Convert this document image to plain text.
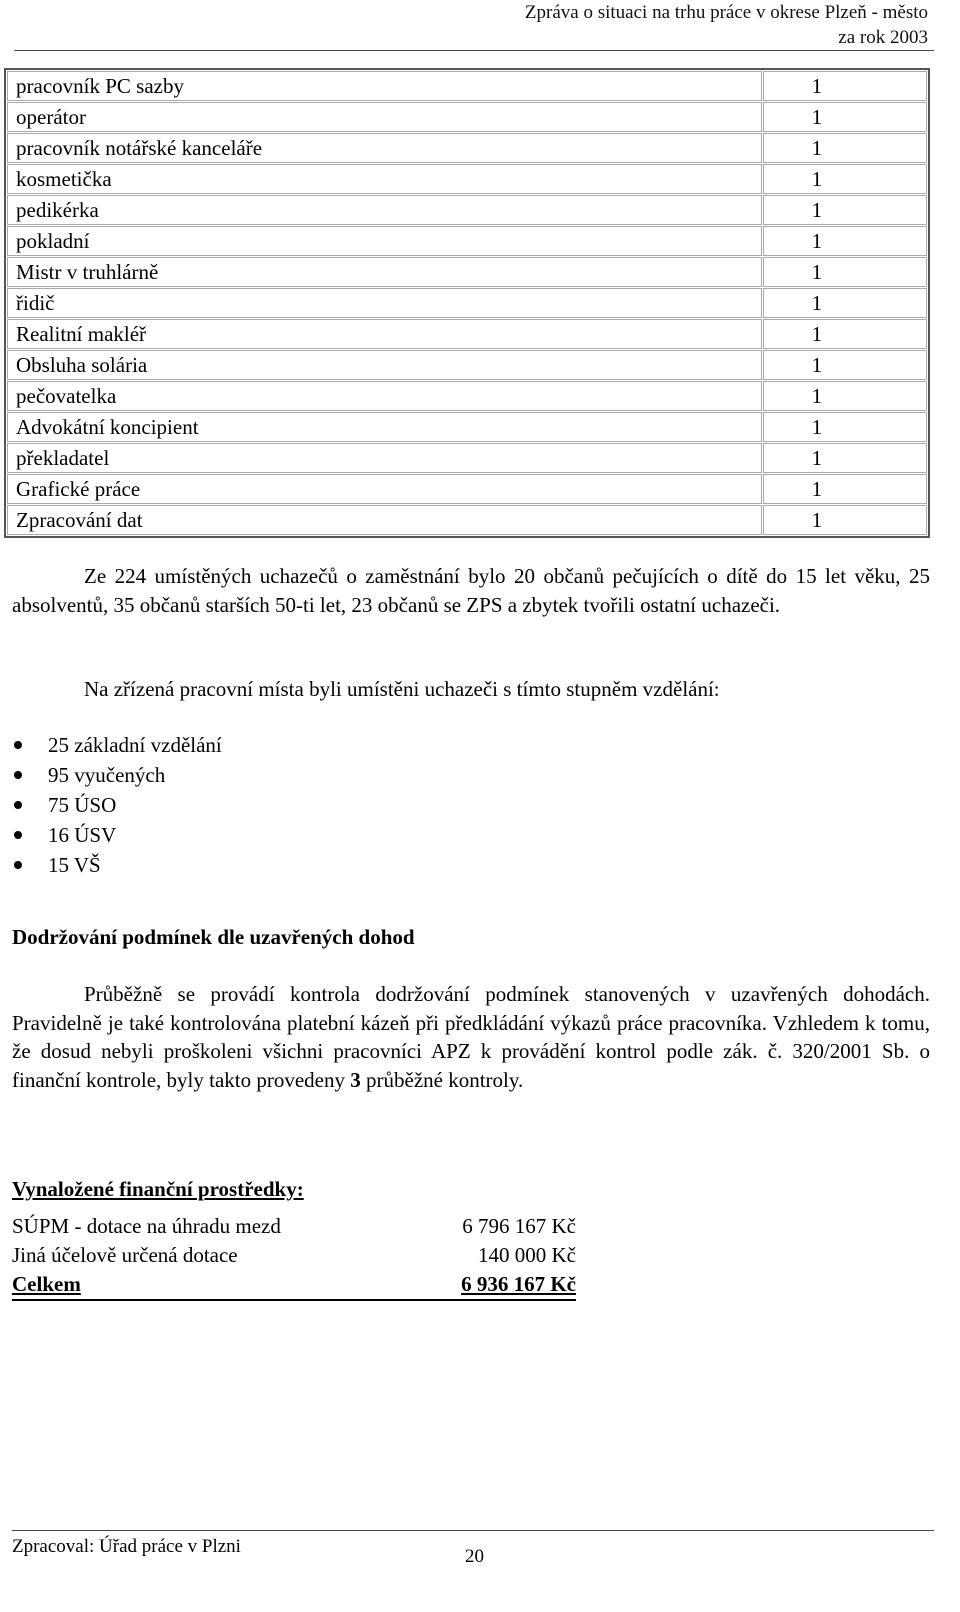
Zpráva o situaci na trhu práce v okrese Plzeň - město
za rok 2003
pracovník PC sazby	1
operátor	1
pracovník notářské kanceláře	1
kosmetička	1
pedikérka	1
pokladní	1
Mistr v truhlárně	1
řidič	1
Realitní makléř	1
Obsluha solária	1
pečovatelka	1
Advokátní koncipient	1
překladatel	1
Grafické práce	1
Zpracování dat	1
Ze 224 umístěných uchazečů o zaměstnání bylo 20 občanů pečujících o dítě do 15 let věku, 25 absolventů, 35 občanů starších 50-ti let, 23 občanů se ZPS a zbytek tvořili ostatní uchazeči.
Na zřízená pracovní místa byli umístěni uchazeči s tímto stupněm vzdělání:
25 základní vzdělání
95 vyučených
75 ÚSO
16 ÚSV
15 VŠ
Dodržování podmínek dle uzavřených dohod
Průběžně se provádí kontrola dodržování podmínek stanovených v uzavřených dohodách. Pravidelně je také kontrolována platební kázeň při předkládání výkazů práce pracovníka. Vzhledem k tomu, že dosud nebyli proškoleni všichni pracovníci APZ k provádění kontrol podle zák. č. 320/2001 Sb. o finanční kontrole, byly takto provedeny 3 průběžné kontroly.
Vynaložené finanční prostředky:
SÚPM - dotace na úhradu mezd	6 796 167 Kč
Jiná účelově určená dotace	140 000 Kč
Celkem	6 936 167 Kč
Zpracoval: Úřad práce v Plzni	20
